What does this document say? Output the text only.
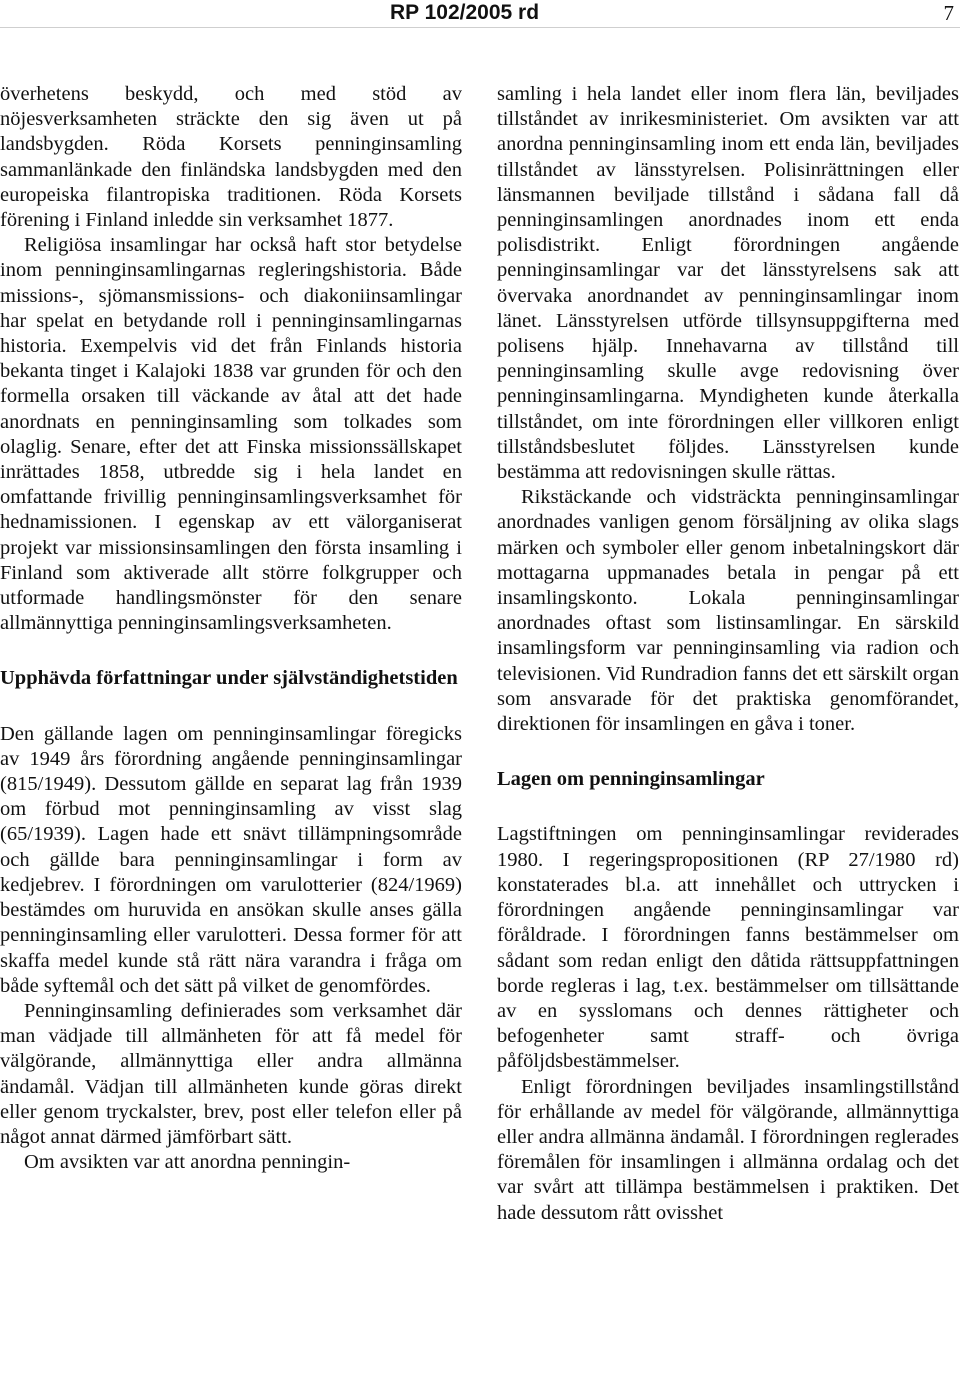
RP 102/2005 rd	7

överhetens beskydd, och med stöd av nöjesverksamheten sträckte den sig även ut på landsbygden. Röda Korsets penninginsamling sammanlänkade den finländska landsbygden med den europeiska filantropiska traditionen. Röda Korsets förening i Finland inledde sin verksamhet 1877.

Religiösa insamlingar har också haft stor betydelse inom penninginsamlingarnas regleringshistoria. Både missions-, sjömansmissions- och diakoniinsamlingar har spelat en betydande roll i penninginsamlingarnas historia. Exempelvis vid det från Finlands historia bekanta tinget i Kalajoki 1838 var grunden för och den formella orsaken till väckande av åtal att det hade anordnats en penninginsamling som tolkades som olaglig. Senare, efter det att Finska missionssällskapet inrättades 1858, utbredde sig i hela landet en omfattande frivillig penninginsamlingsverksamhet för hednamissionen. I egenskap av ett välorganiserat projekt var missionsinsamlingen den första insamling i Finland som aktiverade allt större folkgrupper och utformade handlingsmönster för den senare allmännyttiga penninginsamlingsverksamheten.

Upphävda författningar under självständighetstiden

Den gällande lagen om penninginsamlingar föregicks av 1949 års förordning angående penninginsamlingar (815/1949). Dessutom gällde en separat lag från 1939 om förbud mot penninginsamling av visst slag (65/1939). Lagen hade ett snävt tillämpningsområde och gällde bara penninginsamlingar i form av kedjebrev. I förordningen om varulotterier (824/1969) bestämdes om huruvida en ansökan skulle anses gälla penninginsamling eller varulotteri. Dessa former för att skaffa medel kunde stå rätt nära varandra i fråga om både syftemål och det sätt på vilket de genomfördes.

Penninginsamling definierades som verksamhet där man vädjade till allmänheten för att få medel för välgörande, allmännyttiga eller andra allmänna ändamål. Vädjan till allmänheten kunde göras direkt eller genom tryckalster, brev, post eller telefon eller på något annat därmed jämförbart sätt.

Om avsikten var att anordna penningin-

samling i hela landet eller inom flera län, beviljades tillståndet av inrikesministeriet. Om avsikten var att anordna penninginsamling inom ett enda län, beviljades tillståndet av länsstyrelsen. Polisinrättningen eller länsmannen beviljade tillstånd i sådana fall då penninginsamlingen anordnades inom ett enda polisdistrikt. Enligt förordningen angående penninginsamlingar var det länsstyrelsens sak att övervaka anordnandet av penninginsamlingar inom länet. Länsstyrelsen utförde tillsynsuppgifterna med polisens hjälp. Innehavarna av tillstånd till penninginsamling skulle avge redovisning över penninginsamlingarna. Myndigheten kunde återkalla tillståndet, om inte förordningen eller villkoren enligt tillståndsbeslutet följdes. Länsstyrelsen kunde bestämma att redovisningen skulle rättas.

Rikstäckande och vidsträckta penninginsamlingar anordnades vanligen genom försäljning av olika slags märken och symboler eller genom inbetalningskort där mottagarna uppmanades betala in pengar på ett insamlingskonto. Lokala penninginsamlingar anordnades oftast som listinsamlingar. En särskild insamlingsform var penninginsamling via radion och televisionen. Vid Rundradion fanns det ett särskilt organ som ansvarade för det praktiska genomförandet, direktionen för insamlingen en gåva i toner.

Lagen om penninginsamlingar

Lagstiftningen om penninginsamlingar reviderades 1980. I regeringspropositionen (RP 27/1980 rd) konstaterades bl.a. att innehållet och uttrycken i förordningen angående penninginsamlingar var föråldrade. I förordningen fanns bestämmelser om sådant som redan enligt den dåtida rättsuppfattningen borde regleras i lag, t.ex. bestämmelser om tillsättande av en sysslomans och dennes rättigheter och befogenheter samt straff- och övriga påföljdsbestämmelser.

Enligt förordningen beviljades insamlingstillstånd för erhållande av medel för välgörande, allmännyttiga eller andra allmänna ändamål. I förordningen reglerades föremålen för insamlingen i allmänna ordalag och det var svårt att tillämpa bestämmelsen i praktiken. Det hade dessutom rått ovisshet
